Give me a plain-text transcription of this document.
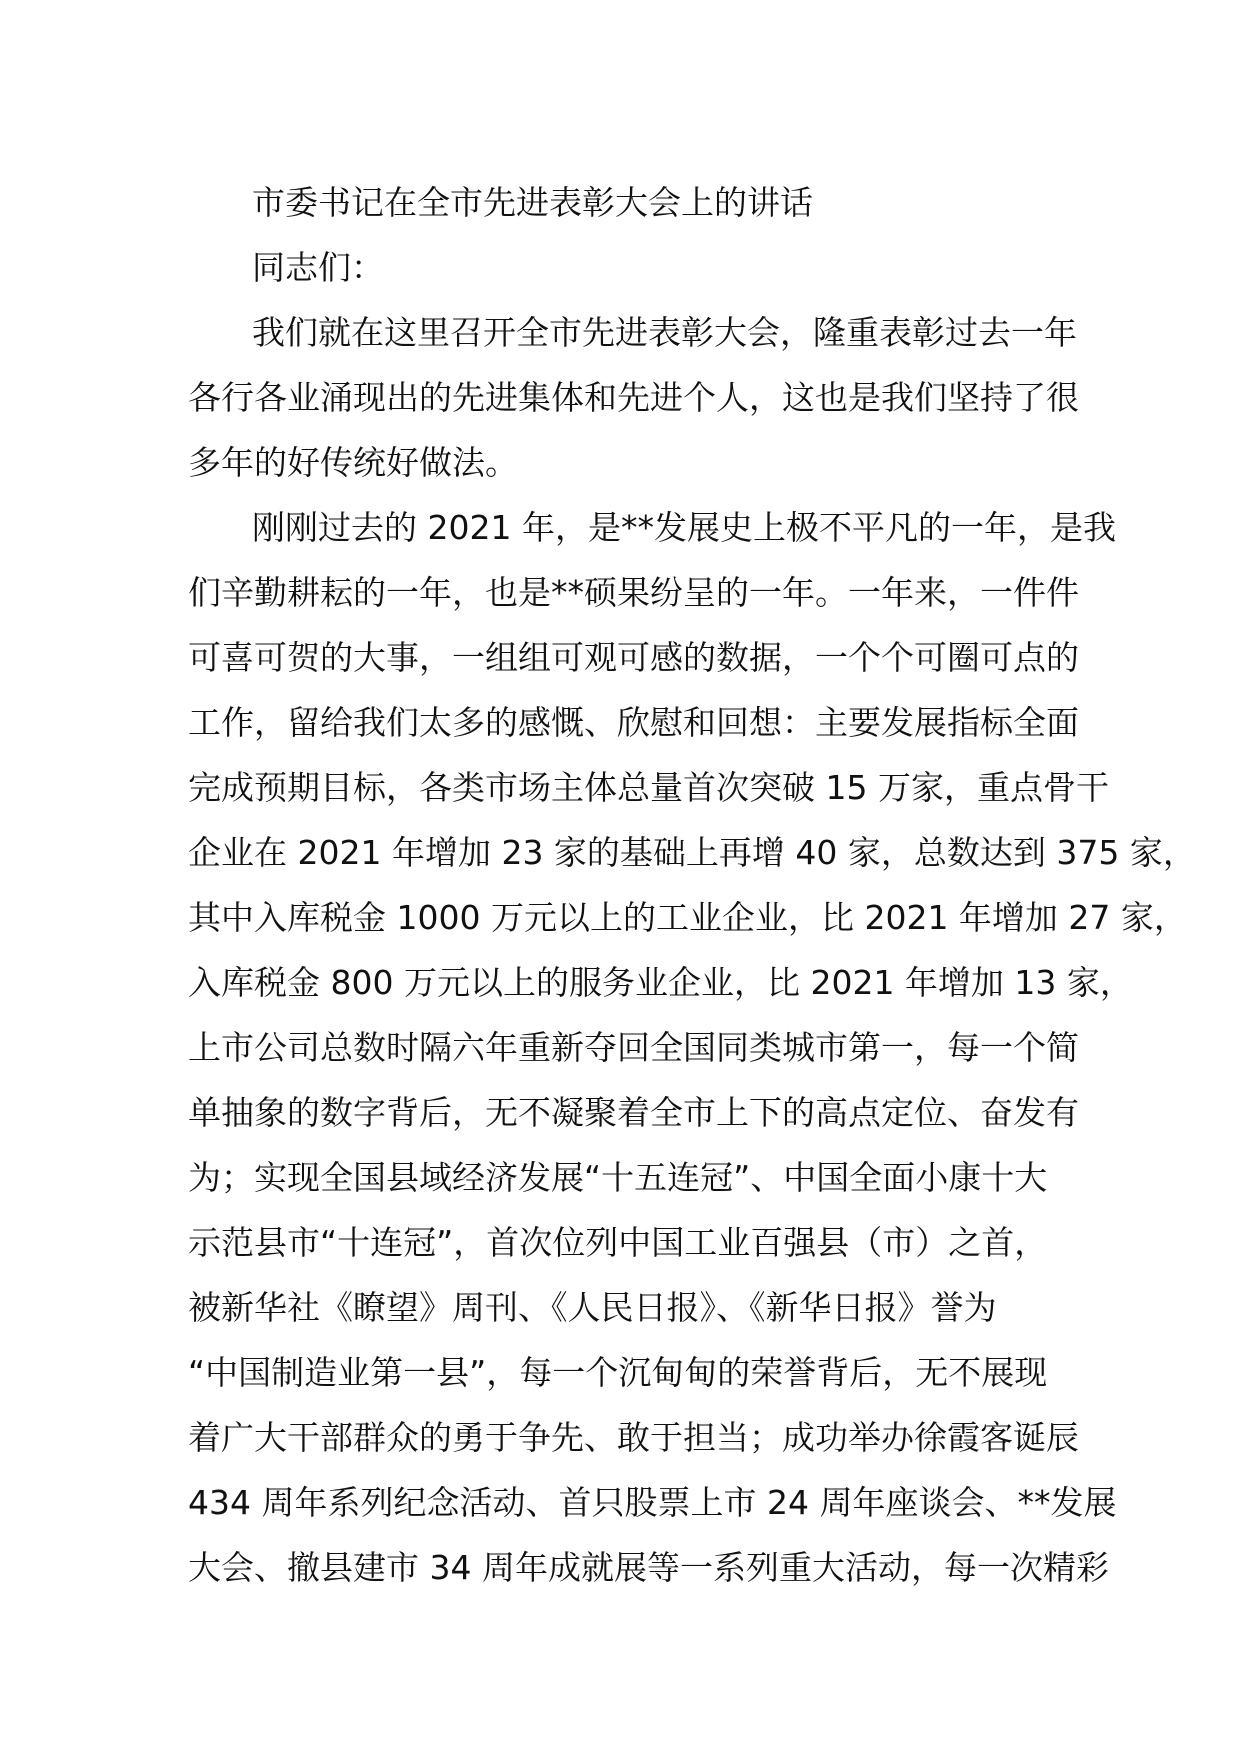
市委书记在全市先进表彰大会上的讲话

同志们：

我们就在这里召开全市先进表彰大会，隆重表彰过去一年

各行各业涌现出的先进集体和先进个人，这也是我们坚持了很

多年的好传统好做法。

刚刚过去的 2021 年，是**发展史上极不平凡的一年，是我

们辛勤耕耘的一年，也是**硕果纷呈的一年。一年来，一件件

可喜可贺的大事，一组组可观可感的数据，一个个可圈可点的

工作，留给我们太多的感慨、欣慰和回想：主要发展指标全面

完成预期目标，各类市场主体总量首次突破 15 万家，重点骨干

企业在 2021 年增加 23 家的基础上再增 40 家，总数达到 375 家，

其中入库税金 1000 万元以上的工业企业，比 2021 年增加 27 家，

入库税金 800 万元以上的服务业企业，比 2021 年增加 13 家，

上市公司总数时隔六年重新夺回全国同类城市第一，每一个简

单抽象的数字背后，无不凝聚着全市上下的高点定位、奋发有

为；实现全国县域经济发展“十五连冠”、中国全面小康十大

示范县市“十连冠”，首次位列中国工业百强县（市）之首，

被新华社《瞭望》周刊、《人民日报》、《新华日报》誉为

“中国制造业第一县”，每一个沉甸甸的荣誉背后，无不展现

着广大干部群众的勇于争先、敢于担当；成功举办徐霞客诞辰

434 周年系列纪念活动、首只股票上市 24 周年座谈会、**发展

大会、撤县建市 34 周年成就展等一系列重大活动，每一次精彩
